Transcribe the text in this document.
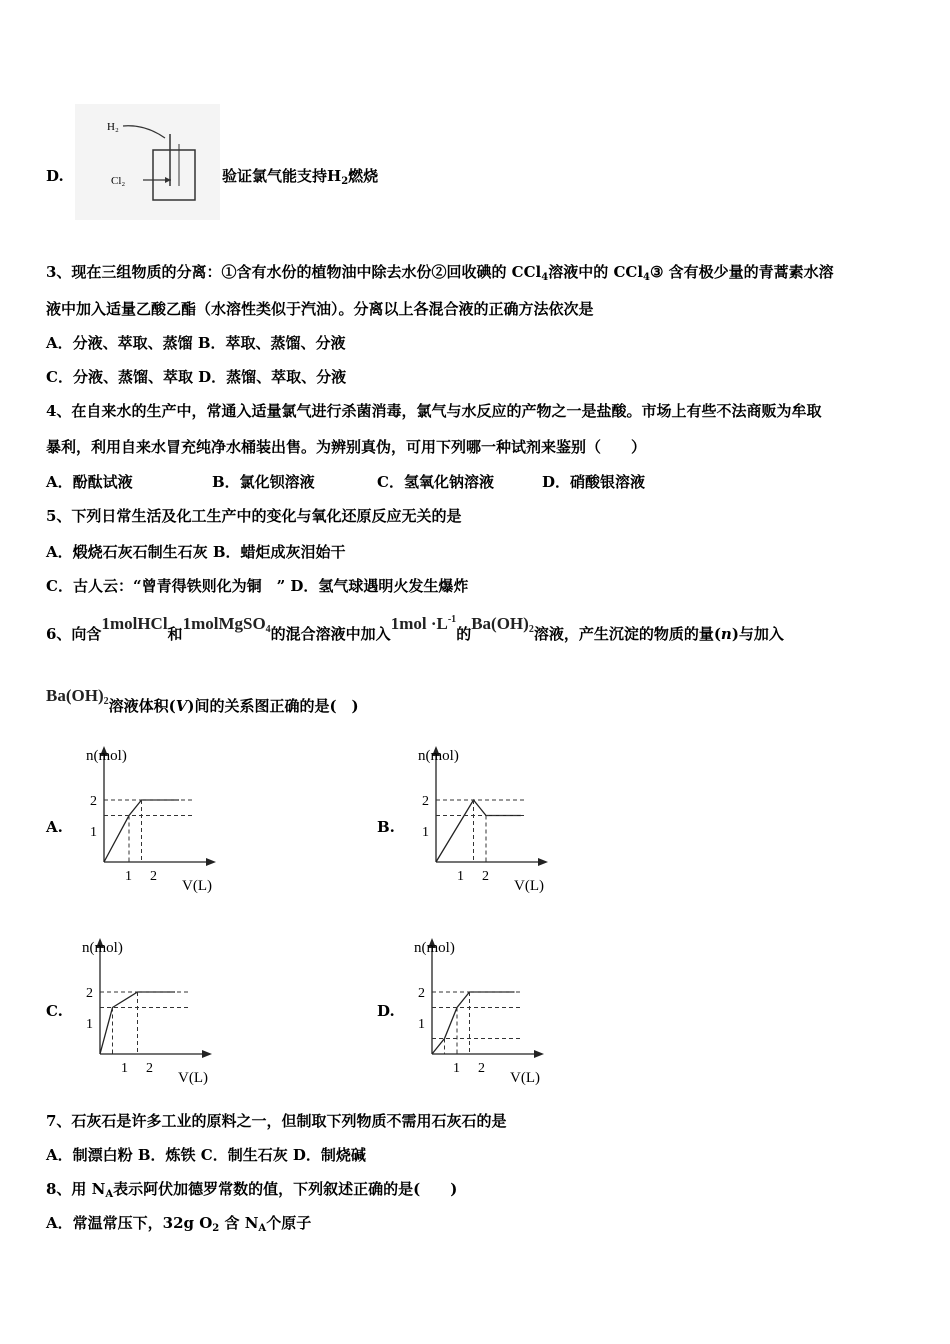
D.
H₂
Cl₂	验证氯气能支持$H_2$燃烧
3、现在三组物质的分离：①含有水份的植物油中除去水份②回收碘的 CCl$_4$溶液中的 CCl$_4$③ 含有极少量的青蒿素水溶
液中加入适量乙酸乙酯（水溶性类似于汽油）。分离以上各混合液的正确方法依次是
A．分液、萃取、蒸馏 B．萃取、蒸馏、分液
C．分液、蒸馏、萃取 D．蒸馏、萃取、分液
4、在自来水的生产中，常通入适量氯气进行杀菌消毒，氯气与水反应的产物之一是盐酸。市场上有些不法商贩为牟取
暴利，利用自来水冒充纯净水桶装出售。为辨别真伪，可用下列哪一种试剂来鉴别（　　）
A．酚酞试液	B．氯化钡溶液	C．氢氧化钠溶液	D．硝酸银溶液
5、下列日常生活及化工生产中的变化与氧化还原反应无关的是
A．煅烧石灰石制生石灰 B．蜡炬成灰泪始干
C．古人云：“曾青得铁则化为铜　” D．氢气球遇明火发生爆炸
6、向含1molHCl和1molMgSO$_4$的混合溶液中加入$1mol \cdot L^{-1}$的$Ba(OH)_2$溶液，产生沉淀的物质的量(n)与加入
$Ba(OH)_2$溶液体积(V)间的关系图正确的是(　)
A.	B.
C.	D.
n(mol)
V(L)
1
1
2
2
n(mol)
V(L)
1
1
2
2
n(mol)
V(L)
1
1
2
2
n(mol)
V(L)
1
1
2
2
7、石灰石是许多工业的原料之一，但制取下列物质不需用石灰石的是
A．制漂白粉 B．炼铁 C．制生石灰 D．制烧碱
8、用 $N_A$表示阿伏加德罗常数的值，下列叙述正确的是(　　)
A．常温常压下，32g $O_2$ 含 $N_A$个原子
